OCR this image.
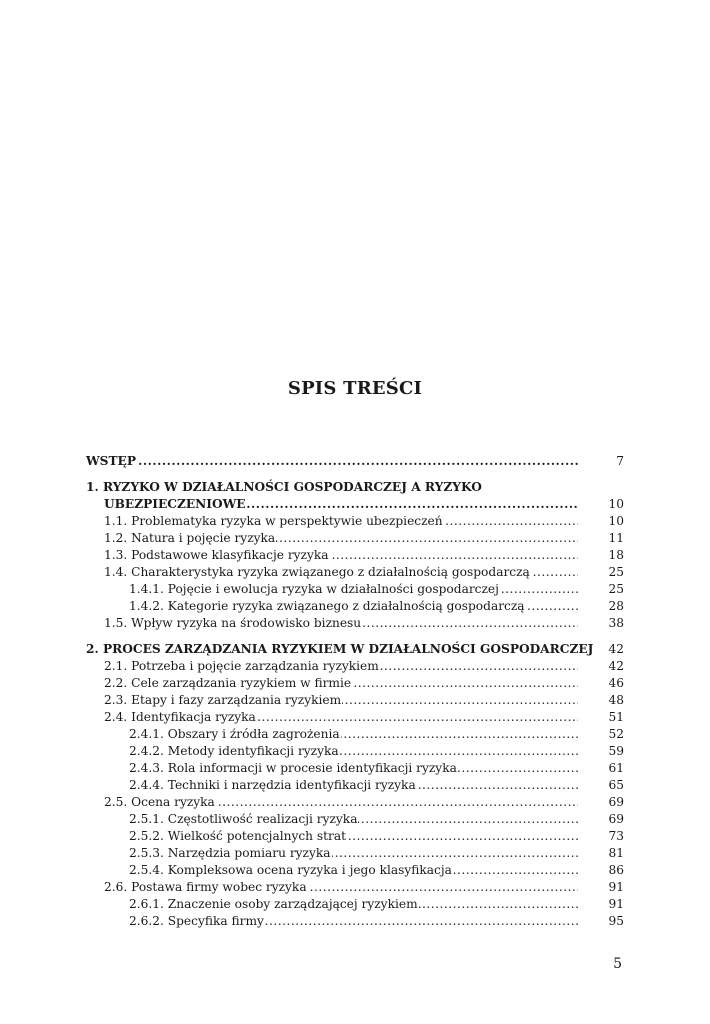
SPIS TREŚCI
.....
WSTĘP	7
1. RYZYKO W DZIAŁALNOŚCI GOSPODARCZEJ A RYZYKO
.....
UBEZPIECZENIOWE	10
.....
1.1. Problematyka ryzyka w perspektywie ubezpieczeń	10
.....
1.2. Natura i pojęcie ryzyka	11
.....
1.3. Podstawowe klasyfikacje ryzyka	18
.....
1.4. Charakterystyka ryzyka związanego z działalnością gospodarczą	25
.....
1.4.1. Pojęcie i ewolucja ryzyka w działalności gospodarczej	25
.....
1.4.2. Kategorie ryzyka związanego z działalnością gospodarczą	28
.....
1.5. Wpływ ryzyka na środowisko biznesu	38
.....
2. PROCES ZARZĄDZANIA RYZYKIEM W DZIAŁALNOŚCI GOSPODARCZEJ	42
.....
2.1. Potrzeba i pojęcie zarządzania ryzykiem	42
.....
2.2. Cele zarządzania ryzykiem w firmie	46
.....
2.3. Etapy i fazy zarządzania ryzykiem	48
.....
2.4. Identyfikacja ryzyka	51
.....
2.4.1. Obszary i źródła zagrożenia	52
.....
2.4.2. Metody identyfikacji ryzyka	59
.....
2.4.3. Rola informacji w procesie identyfikacji ryzyka	61
.....
2.4.4. Techniki i narzędzia identyfikacji ryzyka	65
.....
2.5. Ocena ryzyka	69
.....
2.5.1. Częstotliwość realizacji ryzyka	69
.....
2.5.2. Wielkość potencjalnych strat	73
.....
2.5.3. Narzędzia pomiaru ryzyka	81
.....
2.5.4. Kompleksowa ocena ryzyka i jego klasyfikacja	86
.....
2.6. Postawa firmy wobec ryzyka	91
.....
2.6.1. Znaczenie osoby zarządzającej ryzykiem	91
.....
2.6.2. Specyfika firmy	95
5
